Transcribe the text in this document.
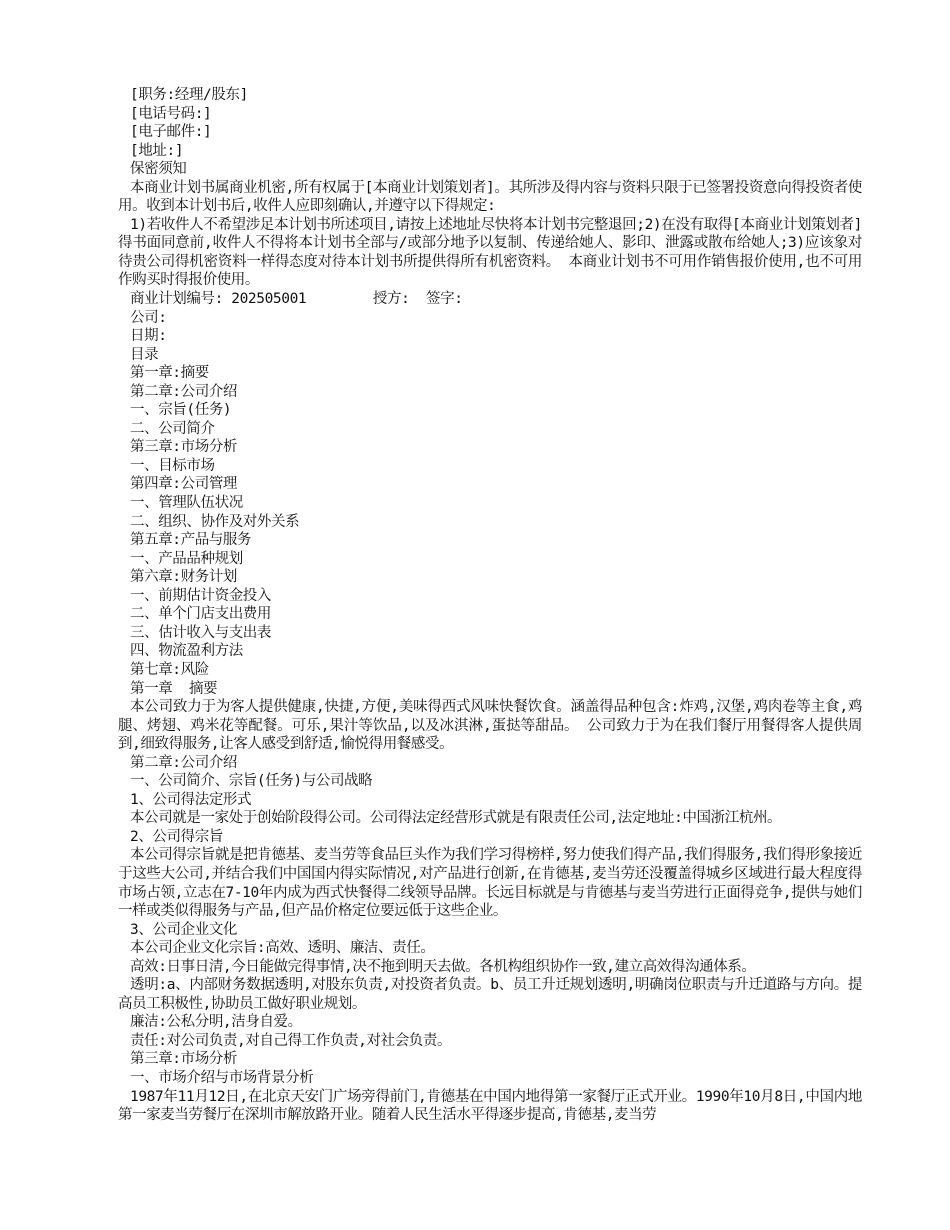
[职务:经理/股东]

[电话号码:]

[电子邮件:]

[地址:]

保密须知

本商业计划书属商业机密,所有权属于[本商业计划策划者]。其所涉及得内容与资料只限于已签署投资意向得投资者使用。收到本计划书后,收件人应即刻确认,并遵守以下得规定:

1)若收件人不希望涉足本计划书所述项目,请按上述地址尽快将本计划书完整退回;2)在没有取得[本商业计划策划者]得书面同意前,收件人不得将本计划书全部与/或部分地予以复制、传递给她人、影印、泄露或散布给她人;3)应该象对待贵公司得机密资料一样得态度对待本计划书所提供得所有机密资料。 本商业计划书不可用作销售报价使用,也不可用作购买时得报价使用。

商业计划编号: 202505001        授方:  签字:

公司:

日期:

目录

第一章:摘要

第二章:公司介绍

一、宗旨(任务)

二、公司简介

第三章:市场分析

一、目标市场

第四章:公司管理

一、管理队伍状况

二、组织、协作及对外关系

第五章:产品与服务

一、产品品种规划

第六章:财务计划

一、前期估计资金投入

二、单个门店支出费用

三、估计收入与支出表

四、物流盈利方法

第七章:风险

第一章  摘要

本公司致力于为客人提供健康,快捷,方便,美味得西式风味快餐饮食。涵盖得品种包含:炸鸡,汉堡,鸡肉卷等主食,鸡腿、烤翅、鸡米花等配餐。可乐,果汁等饮品,以及冰淇淋,蛋挞等甜品。 公司致力于为在我们餐厅用餐得客人提供周到,细致得服务,让客人感受到舒适,愉悦得用餐感受。

第二章:公司介绍

一、公司简介、宗旨(任务)与公司战略

1、公司得法定形式

本公司就是一家处于创始阶段得公司。公司得法定经营形式就是有限责任公司,法定地址:中国浙江杭州。

2、公司得宗旨

本公司得宗旨就是把肯德基、麦当劳等食品巨头作为我们学习得榜样,努力使我们得产品,我们得服务,我们得形象接近于这些大公司,并结合我们中国国内得实际情况,对产品进行创新,在肯德基,麦当劳还没覆盖得城乡区域进行最大程度得市场占领,立志在7-10年内成为西式快餐得二线领导品牌。长远目标就是与肯德基与麦当劳进行正面得竞争,提供与她们一样或类似得服务与产品,但产品价格定位要远低于这些企业。

3、公司企业文化

本公司企业文化宗旨:高效、透明、廉洁、责任。

高效:日事日清,今日能做完得事情,决不拖到明天去做。各机构组织协作一致,建立高效得沟通体系。

透明:a、内部财务数据透明,对股东负责,对投资者负责。b、员工升迁规划透明,明确岗位职责与升迁道路与方向。提高员工积极性,协助员工做好职业规划。

廉洁:公私分明,洁身自爱。

责任:对公司负责,对自己得工作负责,对社会负责。

第三章:市场分析

一、市场介绍与市场背景分析

1987年11月12日,在北京天安门广场旁得前门,肯德基在中国内地得第一家餐厅正式开业。1990年10月8日,中国内地第一家麦当劳餐厅在深圳市解放路开业。随着人民生活水平得逐步提高,肯德基,麦当劳
